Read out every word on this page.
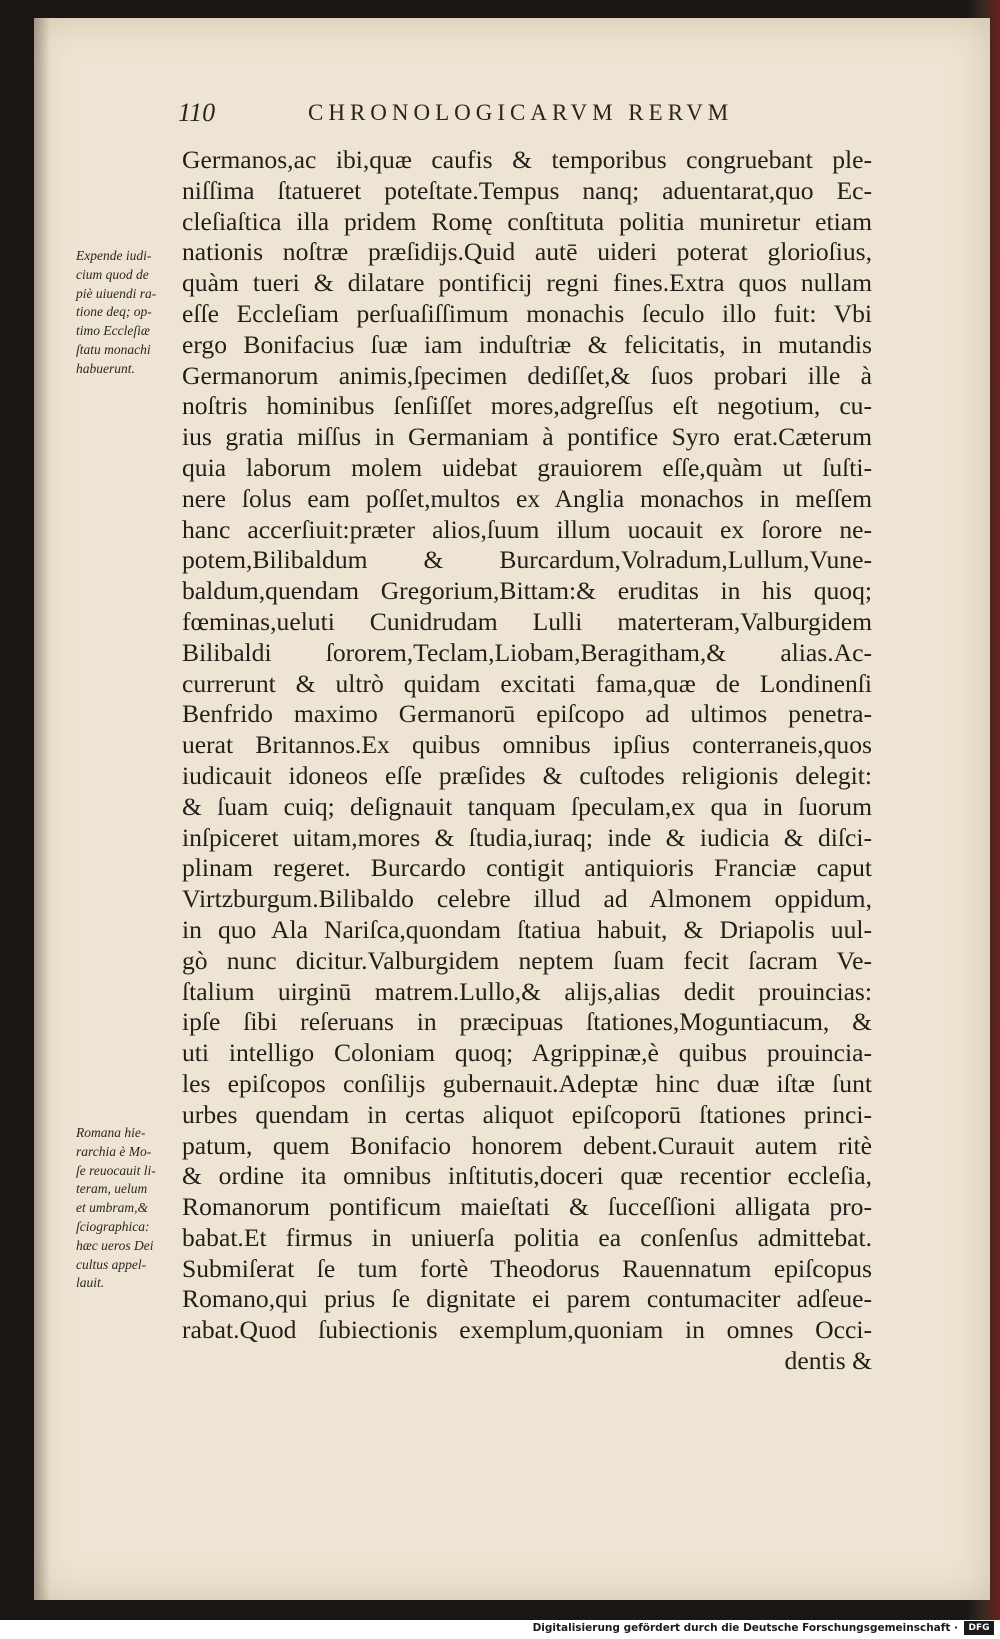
110	CHRONOLOGICARVM RERVM
Germanos,ac ibi,quæ caufis & temporibus congruebant ple-
niſſima ſtatueret poteſtate.Tempus nanq; aduentarat,quo Ec-
cleſiaſtica illa pridem Romę conſtituta politia muniretur etiam
nationis noſtræ præſidijs.Quid autē uideri poterat glorioſius,
quàm tueri & dilatare pontificij regni fines.Extra quos nullam
eſſe Eccleſiam perſuaſiſſimum monachis ſeculo illo fuit: Vbi
ergo Bonifacius ſuæ iam induſtriæ & felicitatis, in mutandis
Germanorum animis,ſpecimen dediſſet,& ſuos probari ille à
noſtris hominibus ſenſiſſet mores,adgreſſus eſt negotium, cu-
ius gratia miſſus in Germaniam à pontifice Syro erat.Cæterum
quia laborum molem uidebat grauiorem eſſe,quàm ut ſuſti-
nere ſolus eam poſſet,multos ex Anglia monachos in meſſem
hanc accerſiuit:præter alios,ſuum illum uocauit ex ſorore ne-
potem,Bilibaldum & Burcardum,Volradum,Lullum,Vune-
baldum,quendam Gregorium,Bittam:& eruditas in his quoq;
fœminas,ueluti Cunidrudam Lulli materteram,Valburgidem
Bilibaldi ſororem,Teclam,Liobam,Beragitham,& alias.Ac-
currerunt & ultrò quidam excitati fama,quæ de Londinenſi
Benfrido maximo Germanorū epiſcopo ad ultimos penetra-
uerat Britannos.Ex quibus omnibus ipſius conterraneis,quos
iudicauit idoneos eſſe præſides & cuſtodes religionis delegit:
& ſuam cuiq; deſignauit tanquam ſpeculam,ex qua in ſuorum
inſpiceret uitam,mores & ſtudia,iuraq; inde & iudicia & diſci-
plinam regeret. Burcardo contigit antiquioris Franciæ caput
Virtzburgum.Bilibaldo celebre illud ad Almonem oppidum,
in quo Ala Nariſca,quondam ſtatiua habuit, & Driapolis uul-
gò nunc dicitur.Valburgidem neptem ſuam fecit ſacram Ve-
ſtalium uirginū matrem.Lullo,& alijs,alias dedit prouincias:
ipſe ſibi reſeruans in præcipuas ſtationes,Moguntiacum, &
uti intelligo Coloniam quoq; Agrippinæ,è quibus prouincia-
les epiſcopos conſilijs gubernauit.Adeptæ hinc duæ iſtæ ſunt
urbes quendam in certas aliquot epiſcoporū ſtationes princi-
patum, quem Bonifacio honorem debent.Curauit autem ritè
& ordine ita omnibus inſtitutis,doceri quæ recentior eccleſia,
Romanorum pontificum maieſtati & ſucceſſioni alligata pro-
babat.Et firmus in uniuerſa politia ea conſenſus admittebat.
Submiſerat ſe tum fortè Theodorus Rauennatum epiſcopus
Romano,qui prius ſe dignitate ei parem contumaciter adſeue-
rabat.Quod ſubiectionis exemplum,quoniam in omnes Occi-
dentis &
Expende iudi-
cium quod de
piè uiuendi ra-
tione deq; op-
timo Eccleſiæ
ſtatu monachi
habuerunt.
Romana hie-
rarchia è Mo-
ſe reuocauit li-
teram, uelum
et umbram,&
ſciographica:
hæc ueros Dei
cultus appel-
lauit.
Digitalisierung gefördert durch die Deutsche Forschungsgemeinschaft ·	DFG
